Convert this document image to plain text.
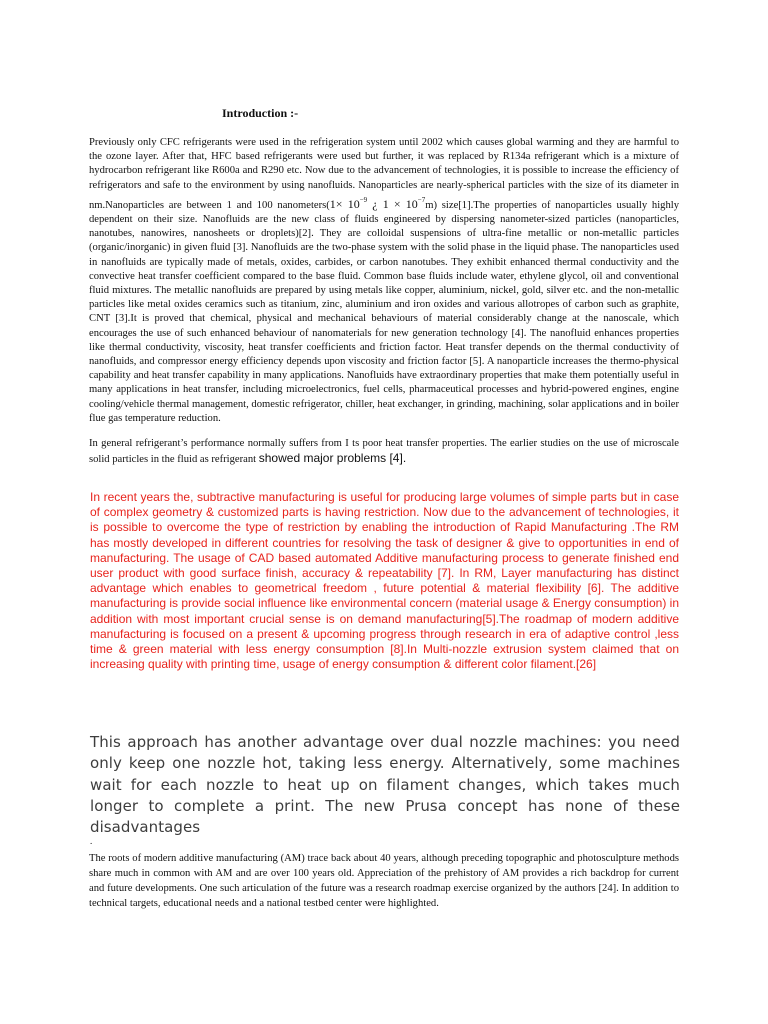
Introduction :-
Previously only CFC refrigerants were used in the refrigeration system until 2002 which causes global warming and they are harmful to the ozone layer. After that, HFC based refrigerants were used but further, it was replaced by R134a refrigerant which is a mixture of hydrocarbon refrigerant like R600a and R290 etc. Now due to the advancement of technologies, it is possible to increase the efficiency of refrigerators and safe to the environment by using nanofluids. Nanoparticles are nearly-spherical particles with the size of its diameter in nm.Nanoparticles are between 1 and 100 nanometers(1× $10^{-9}$ ¿ $1 \times 10^{-7}m$) size[1].The properties of nanoparticles usually highly dependent on their size. Nanofluids are the new class of fluids engineered by dispersing nanometer-sized particles (nanoparticles, nanotubes, nanowires, nanosheets or droplets)[2]. They are colloidal suspensions of ultra-fine metallic or non-metallic particles (organic/inorganic) in given fluid [3]. Nanofluids are the two-phase system with the solid phase in the liquid phase. The nanoparticles used in nanofluids are typically made of metals, oxides, carbides, or carbon nanotubes. They exhibit enhanced thermal conductivity and the convective heat transfer coefficient compared to the base fluid. Common base fluids include water, ethylene glycol, oil and conventional fluid mixtures. The metallic nanofluids are prepared by using metals like copper, aluminium, nickel, gold, silver etc. and the non-metallic particles like metal oxides ceramics such as titanium, zinc, aluminium and iron oxides and various allotropes of carbon such as graphite, CNT [3].It is proved that chemical, physical and mechanical behaviours of material considerably change at the nanoscale, which encourages the use of such enhanced behaviour of nanomaterials for new generation technology [4]. The nanofluid enhances properties like thermal conductivity, viscosity, heat transfer coefficients and friction factor. Heat transfer depends on the thermal conductivity of nanofluids, and compressor energy efficiency depends upon viscosity and friction factor [5]. A nanoparticle increases the thermo-physical capability and heat transfer capability in many applications. Nanofluids have extraordinary properties that make them potentially useful in many applications in heat transfer, including microelectronics, fuel cells, pharmaceutical processes and hybrid-powered engines, engine cooling/vehicle thermal management, domestic refrigerator, chiller, heat exchanger, in grinding, machining, solar applications and in boiler flue gas temperature reduction.
In general refrigerant’s performance normally suffers from I ts poor heat transfer properties. The earlier studies on the use of microscale solid particles in the fluid as refrigerant showed major problems [4].
In recent years the, subtractive manufacturing is useful for producing large volumes of simple parts but in case of complex geometry & customized parts is having restriction. Now due to the advancement of technologies, it is possible to overcome the type of restriction by enabling the introduction of Rapid Manufacturing .The RM has mostly developed in different countries for resolving the task of designer & give to opportunities in end of manufacturing. The usage of CAD based automated Additive manufacturing process to generate finished end user product with good surface finish, accuracy & repeatability [7]. In RM, Layer manufacturing has distinct advantage which enables to geometrical freedom , future potential & material flexibility [6]. The additive manufacturing is provide social influence like environmental concern (material usage & Energy consumption) in addition with most important crucial sense is on demand manufacturing[5].The roadmap of modern additive manufacturing is focused on a present & upcoming progress through research in era of adaptive control ,less time & green material with less energy consumption [8].In Multi-nozzle extrusion system claimed that on increasing quality with printing time, usage of energy consumption & different color filament.[26]
This approach has another advantage over dual nozzle machines: you need only keep one nozzle hot, taking less energy. Alternatively, some machines wait for each nozzle to heat up on filament changes, which takes much longer to complete a print. The new Prusa concept has none of these disadvantages
.
The roots of modern additive manufacturing (AM) trace back about 40 years, although preceding topographic and photosculpture methods share much in common with AM and are over 100 years old. Appreciation of the prehistory of AM provides a rich backdrop for current and future developments. One such articulation of the future was a research roadmap exercise organized by the authors [24]. In addition to technical targets, educational needs and a national testbed center were highlighted.
